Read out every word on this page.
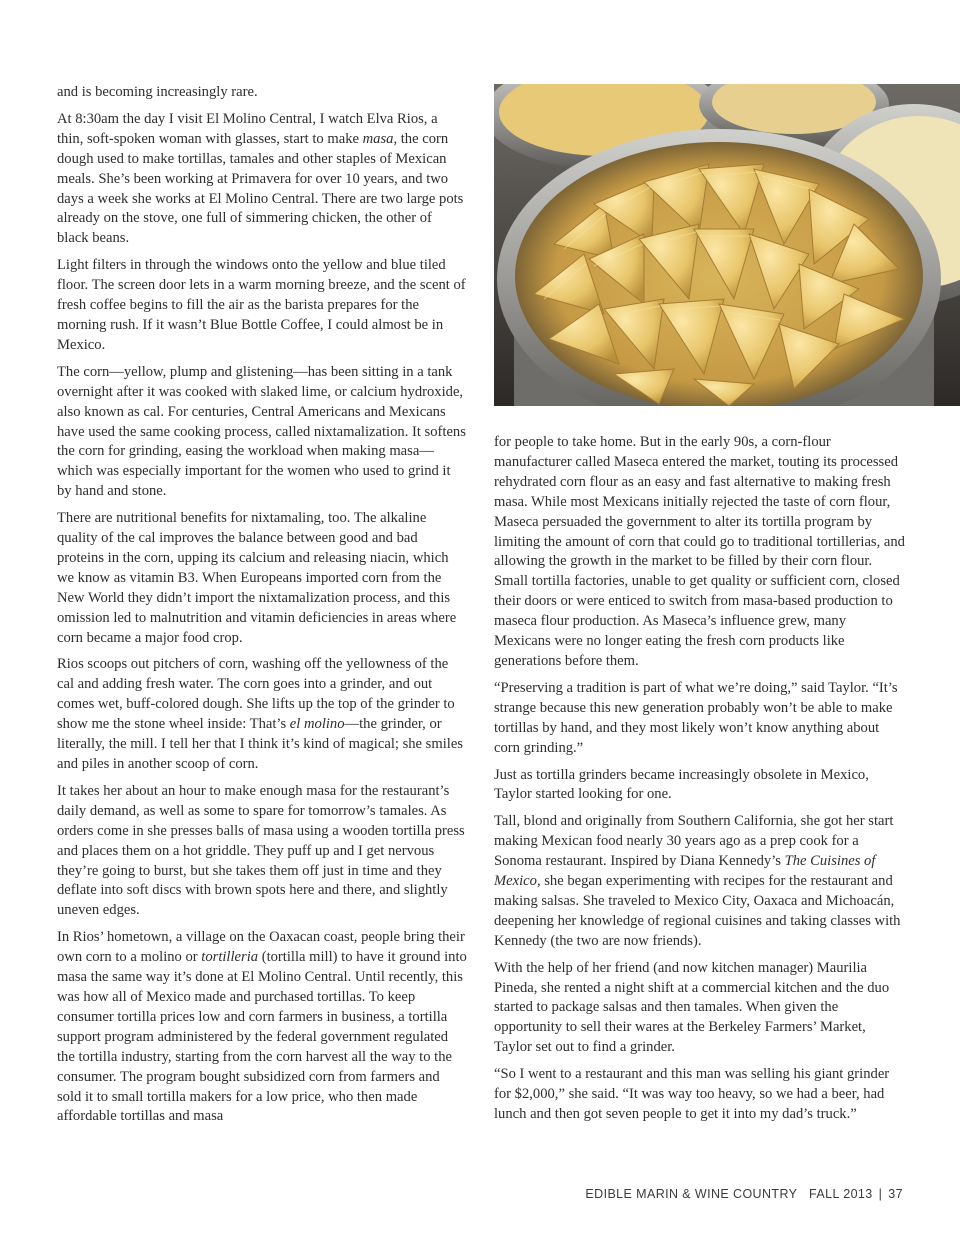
and is becoming increasingly rare.

At 8:30am the day I visit El Molino Central, I watch Elva Rios, a thin, soft-spoken woman with glasses, start to make masa, the corn dough used to make tortillas, tamales and other staples of Mexican meals. She’s been working at Primavera for over 10 years, and two days a week she works at El Molino Central. There are two large pots already on the stove, one full of simmering chicken, the other of black beans.

Light filters in through the windows onto the yellow and blue tiled floor. The screen door lets in a warm morning breeze, and the scent of fresh coffee begins to fill the air as the barista prepares for the morning rush. If it wasn’t Blue Bottle Coffee, I could almost be in Mexico.

The corn—yellow, plump and glistening—has been sitting in a tank overnight after it was cooked with slaked lime, or calcium hydroxide, also known as cal. For centuries, Central Americans and Mexicans have used the same cooking process, called nixtamalization. It softens the corn for grinding, easing the workload when making masa—which was especially important for the women who used to grind it by hand and stone.

There are nutritional benefits for nixtamaling, too. The alkaline quality of the cal improves the balance between good and bad proteins in the corn, upping its calcium and releasing niacin, which we know as vitamin B3. When Europeans imported corn from the New World they didn’t import the nixtamalization process, and this omission led to malnutrition and vitamin deficiencies in areas where corn became a major food crop.

Rios scoops out pitchers of corn, washing off the yellowness of the cal and adding fresh water. The corn goes into a grinder, and out comes wet, buff-colored dough. She lifts up the top of the grinder to show me the stone wheel inside: That’s el molino—the grinder, or literally, the mill. I tell her that I think it’s kind of magical; she smiles and piles in another scoop of corn.

It takes her about an hour to make enough masa for the restaurant’s daily demand, as well as some to spare for tomorrow’s tamales. As orders come in she presses balls of masa using a wooden tortilla press and places them on a hot griddle. They puff up and I get nervous they’re going to burst, but she takes them off just in time and they deflate into soft discs with brown spots here and there, and slightly uneven edges.

In Rios’ hometown, a village on the Oaxacan coast, people bring their own corn to a molino or tortilleria (tortilla mill) to have it ground into masa the same way it’s done at El Molino Central. Until recently, this was how all of Mexico made and purchased tortillas. To keep consumer tortilla prices low and corn farmers in business, a tortilla support program administered by the federal government regulated the tortilla industry, starting from the corn harvest all the way to the consumer. The program bought subsidized corn from farmers and sold it to small tortilla makers for a low price, who then made affordable tortillas and masa

for people to take home. But in the early 90s, a corn-flour manufacturer called Maseca entered the market, touting its processed rehydrated corn flour as an easy and fast alternative to making fresh masa. While most Mexicans initially rejected the taste of corn flour, Maseca persuaded the government to alter its tortilla program by limiting the amount of corn that could go to traditional tortillerias, and allowing the growth in the market to be filled by their corn flour. Small tortilla factories, unable to get quality or sufficient corn, closed their doors or were enticed to switch from masa-based production to maseca flour production. As Maseca’s influence grew, many Mexicans were no longer eating the fresh corn products like generations before them.

“Preserving a tradition is part of what we’re doing,” said Taylor. “It’s strange because this new generation probably won’t be able to make tortillas by hand, and they most likely won’t know anything about corn grinding.”

Just as tortilla grinders became increasingly obsolete in Mexico, Taylor started looking for one.

Tall, blond and originally from Southern California, she got her start making Mexican food nearly 30 years ago as a prep cook for a Sonoma restaurant. Inspired by Diana Kennedy’s The Cuisines of Mexico, she began experimenting with recipes for the restaurant and making salsas. She traveled to Mexico City, Oaxaca and Michoacán, deepening her knowledge of regional cuisines and taking classes with Kennedy (the two are now friends).

With the help of her friend (and now kitchen manager) Maurilia Pineda, she rented a night shift at a commercial kitchen and the duo started to package salsas and then tamales. When given the opportunity to sell their wares at the Berkeley Farmers’ Market, Taylor set out to find a grinder.

“So I went to a restaurant and this man was selling his giant grinder for $2,000,” she said. “It was way too heavy, so we had a beer, had lunch and then got seven people to get it into my dad’s truck.”

EDIBLE MARIN & WINE COUNTRY FALL 2013 | 37
